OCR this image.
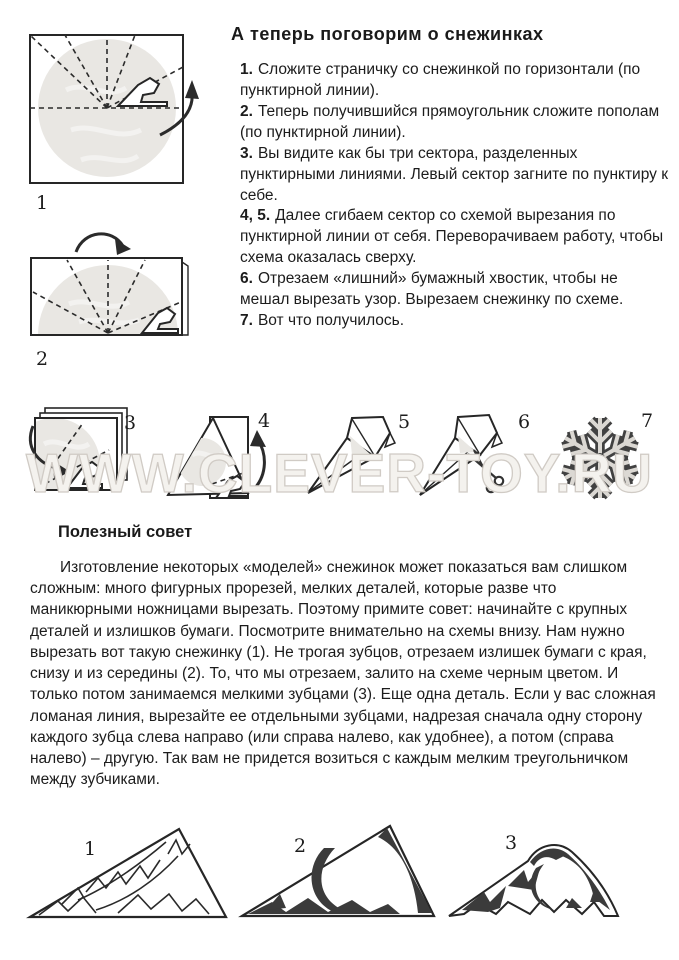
1
А теперь поговорим о снежинках

1. Сложите страничку со снежинкой по горизонтали (по пунктирной линии).

2. Теперь получившийся прямоугольник сложите пополам (по пунктирной линии).

3. Вы видите как бы три сектора, разделенных пунктирными линиями. Левый сектор загните по пунктиру к себе.

4, 5. Далее сгибаем сектор со схемой вырезания по пунктирной линии от себя. Переворачиваем работу, чтобы схема оказалась сверху.

6. Отрезаем «лишний» бумажный хвостик, чтобы не мешал вырезать узор. Вырезаем снежинку по схеме.

7. Вот что получилось.

2
3	4	5	6	7
WWW.CLEVER-TOY.RU
Полезный совет
Изготовление некоторых «моделей» снежинок может показаться вам слишком сложным: много фигурных прорезей, мелких деталей, которые разве что маникюрными ножницами вырезать. Поэтому примите совет: начинайте с крупных деталей и излишков бумаги. Посмотрите внимательно на схемы внизу. Нам нужно вырезать вот такую снежинку (1). Не трогая зубцов, отрезаем излишек бумаги с края, снизу и из середины (2). То, что мы отрезаем, залито на схеме черным цветом. И только потом занимаемся мелкими зубцами (3). Еще одна деталь. Если у вас сложная ломаная линия, вырезайте ее отдельными зубцами, надрезая сначала одну сторону каждого зубца слева направо (или справа налево, как удобнее), а потом (справа налево) – другую. Так вам не придется возиться с каждым мелким треугольничком между зубчиками.
1	2	3
